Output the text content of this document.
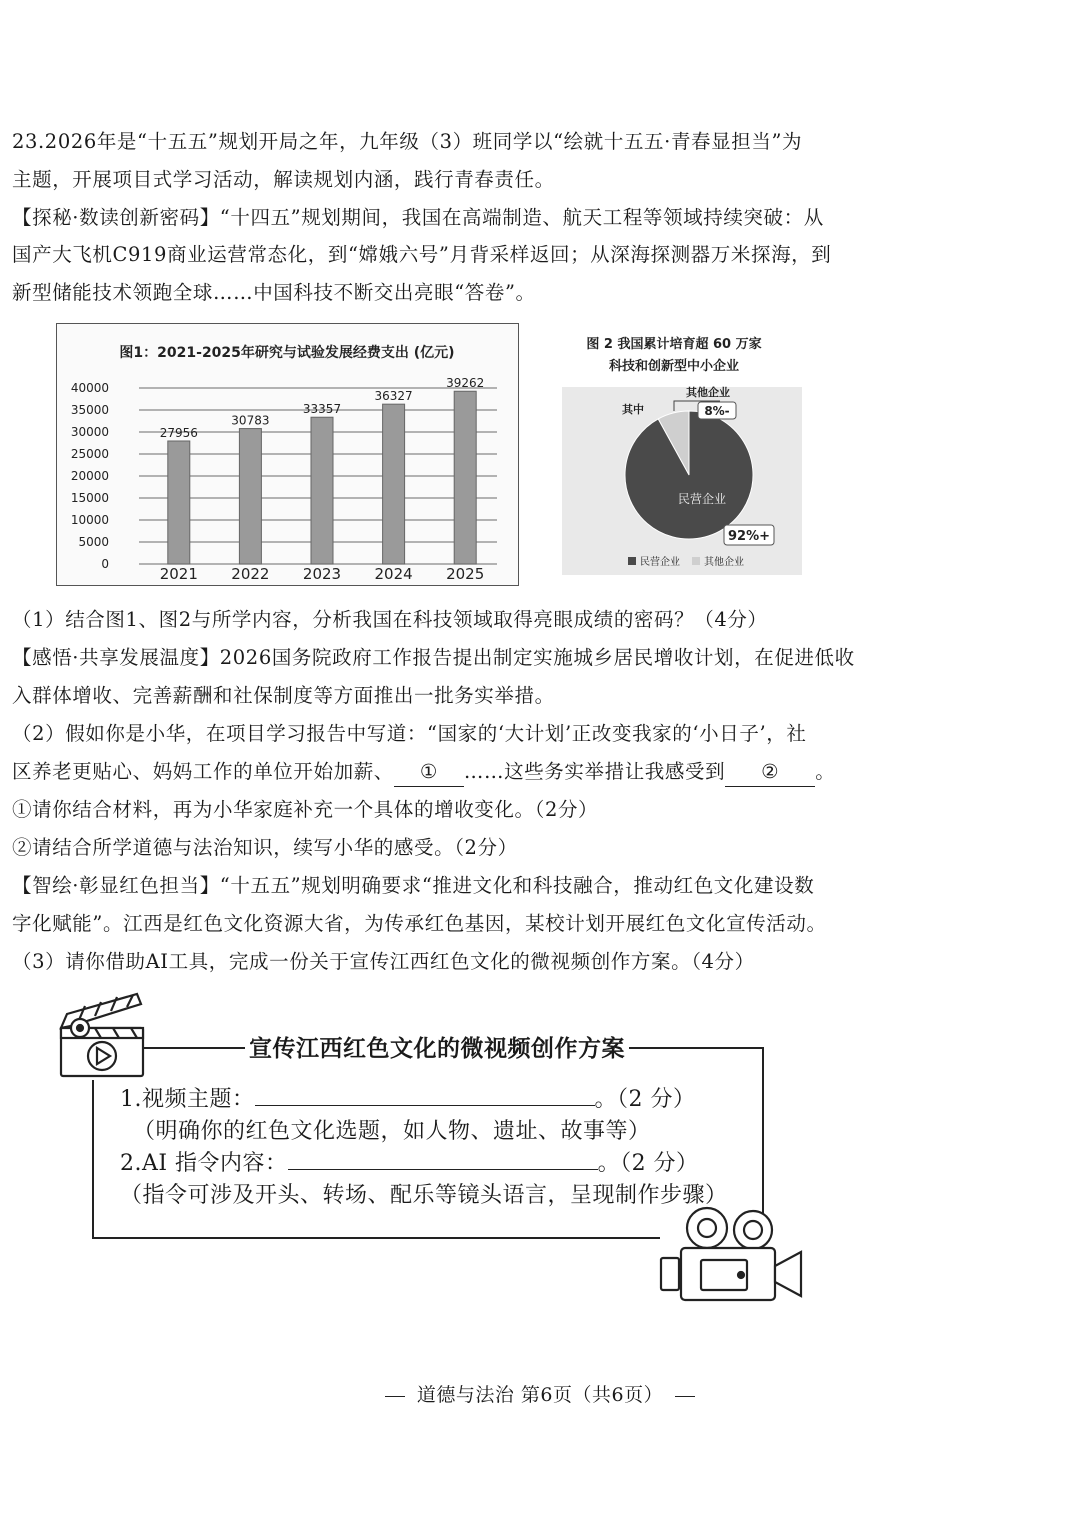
23.2026年是“十五五”规划开局之年，九年级（3）班同学以“绘就十五五·青春显担当”为
主题，开展项目式学习活动，解读规划内涵，践行青春责任。
【探秘·数读创新密码】“十四五”规划期间，我国在高端制造、航天工程等领域持续突破：从
国产大飞机C919商业运营常态化，到“嫦娥六号”月背采样返回；从深海探测器万米探海，到
新型储能技术领跑全球……中国科技不断交出亮眼“答卷”。
图1：2021-2025年研究与试验发展经费支出 (亿元)
40000
35000
30000
25000
20000
15000
10000
5000
0
27956
30783
33357
36327
39262
2021 2022 2023 2024 2025
图 2 我国累计培育超 60 万家
科技和创新型中小企业
其中
其他企业
8%-
民营企业
92%+
民营企业 其他企业
（1）结合图1、图2与所学内容，分析我国在科技领域取得亮眼成绩的密码？（4分）
【感悟·共享发展温度】2026国务院政府工作报告提出制定实施城乡居民增收计划，在促进低收
入群体增收、完善薪酬和社保制度等方面推出一批务实举措。
（2）假如你是小华，在项目学习报告中写道：“国家的‘大计划’正改变我家的‘小日子’，社
区养老更贴心、妈妈工作的单位开始加薪、 ① ……这些务实举措让我感受到 ② 。
①请你结合材料，再为小华家庭补充一个具体的增收变化。（2分）
②请结合所学道德与法治知识，续写小华的感受。（2分）
【智绘·彰显红色担当】“十五五”规划明确要求“推进文化和科技融合，推动红色文化建设数
字化赋能”。江西是红色文化资源大省，为传承红色基因，某校计划开展红色文化宣传活动。
（3）请你借助AI工具，完成一份关于宣传江西红色文化的微视频创作方案。（4分）
宣传江西红色文化的微视频创作方案
1.视频主题：	。（2 分）
（明确你的红色文化选题，如人物、遗址、故事等）
2.AI 指令内容：	。（2 分）
（指令可涉及开头、转场、配乐等镜头语言，呈现制作步骤）
道德与法治 第6页（共6页）
